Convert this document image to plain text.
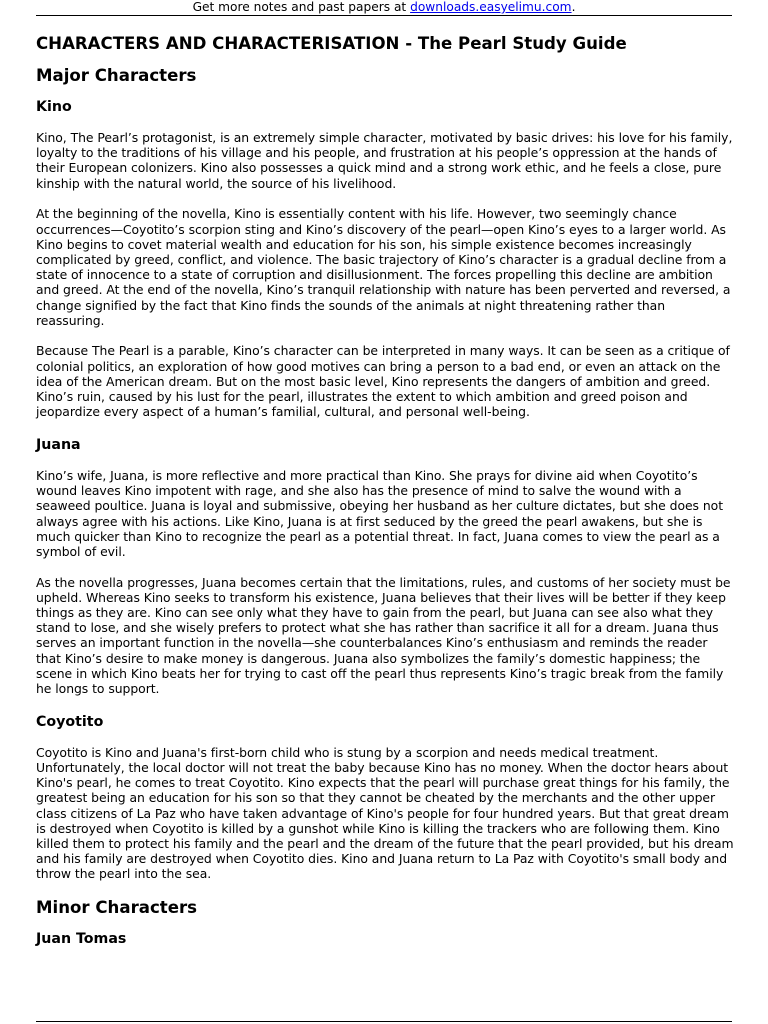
Get more notes and past papers at downloads.easyelimu.com.
CHARACTERS AND CHARACTERISATION - The Pearl Study Guide
Major Characters
Kino

Kino, The Pearl’s protagonist, is an extremely simple character, motivated by basic drives: his love for his family, loyalty to the traditions of his village and his people, and frustration at his people’s oppression at the hands of their European colonizers. Kino also possesses a quick mind and a strong work ethic, and he feels a close, pure kinship with the natural world, the source of his livelihood.

At the beginning of the novella, Kino is essentially content with his life. However, two seemingly chance occurrences—Coyotito’s scorpion sting and Kino’s discovery of the pearl—open Kino’s eyes to a larger world. As Kino begins to covet material wealth and education for his son, his simple existence becomes increasingly complicated by greed, conflict, and violence. The basic trajectory of Kino’s character is a gradual decline from a state of innocence to a state of corruption and disillusionment. The forces propelling this decline are ambition and greed. At the end of the novella, Kino’s tranquil relationship with nature has been perverted and reversed, a change signified by the fact that Kino finds the sounds of the animals at night threatening rather than reassuring.

Because The Pearl is a parable, Kino’s character can be interpreted in many ways. It can be seen as a critique of colonial politics, an exploration of how good motives can bring a person to a bad end, or even an attack on the idea of the American dream. But on the most basic level, Kino represents the dangers of ambition and greed. Kino’s ruin, caused by his lust for the pearl, illustrates the extent to which ambition and greed poison and jeopardize every aspect of a human’s familial, cultural, and personal well-being.

Juana

Kino’s wife, Juana, is more reflective and more practical than Kino. She prays for divine aid when Coyotito’s wound leaves Kino impotent with rage, and she also has the presence of mind to salve the wound with a seaweed poultice. Juana is loyal and submissive, obeying her husband as her culture dictates, but she does not always agree with his actions. Like Kino, Juana is at first seduced by the greed the pearl awakens, but she is much quicker than Kino to recognize the pearl as a potential threat. In fact, Juana comes to view the pearl as a symbol of evil.

As the novella progresses, Juana becomes certain that the limitations, rules, and customs of her society must be upheld. Whereas Kino seeks to transform his existence, Juana believes that their lives will be better if they keep things as they are. Kino can see only what they have to gain from the pearl, but Juana can see also what they stand to lose, and she wisely prefers to protect what she has rather than sacrifice it all for a dream. Juana thus serves an important function in the novella—she counterbalances Kino’s enthusiasm and reminds the reader that Kino’s desire to make money is dangerous. Juana also symbolizes the family’s domestic happiness; the scene in which Kino beats her for trying to cast off the pearl thus represents Kino’s tragic break from the family he longs to support.

Coyotito

Coyotito is Kino and Juana's first-born child who is stung by a scorpion and needs medical treatment. Unfortunately, the local doctor will not treat the baby because Kino has no money. When the doctor hears about Kino's pearl, he comes to treat Coyotito. Kino expects that the pearl will purchase great things for his family, the greatest being an education for his son so that they cannot be cheated by the merchants and the other upper class citizens of La Paz who have taken advantage of Kino's people for four hundred years. But that great dream is destroyed when Coyotito is killed by a gunshot while Kino is killing the trackers who are following them. Kino killed them to protect his family and the pearl and the dream of the future that the pearl provided, but his dream and his family are destroyed when Coyotito dies. Kino and Juana return to La Paz with Coyotito's small body and throw the pearl into the sea.

Minor Characters
Juan Tomas
